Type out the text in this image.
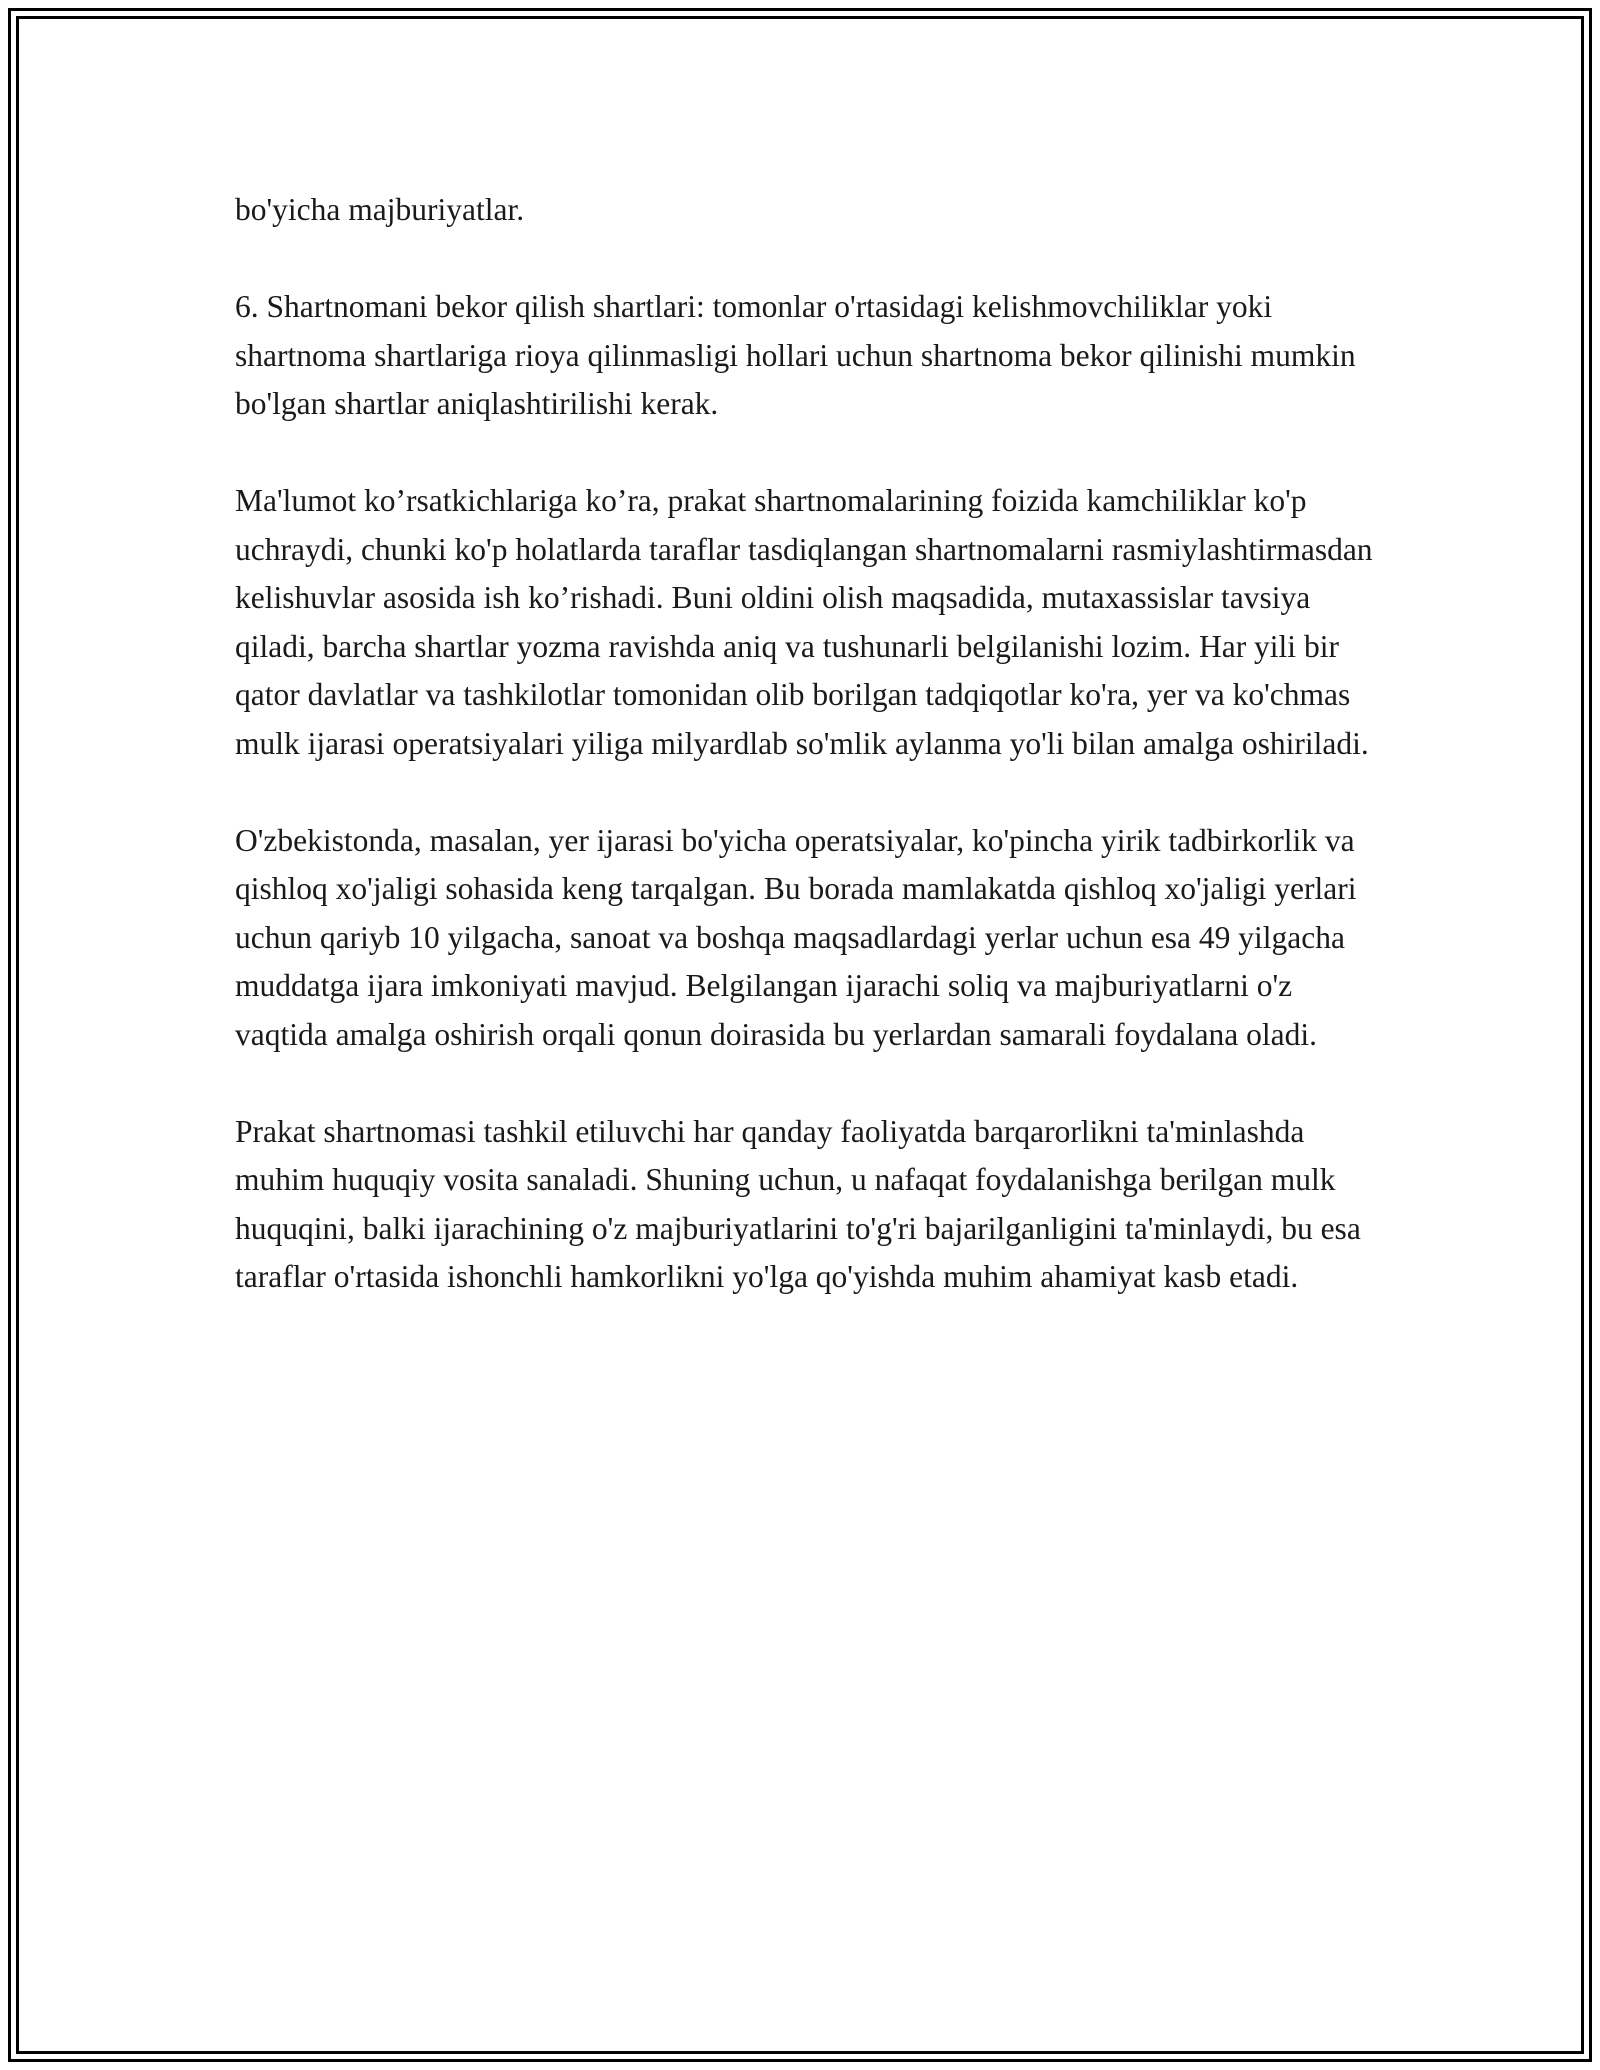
bo'yicha majburiyatlar.

6. Shartnomani bekor qilish shartlari: tomonlar o'rtasidagi kelishmovchiliklar yoki shartnoma shartlariga rioya qilinmasligi hollari uchun shartnoma bekor qilinishi mumkin bo'lgan shartlar aniqlashtirilishi kerak.

Ma'lumot ko’rsatkichlariga ko’ra, prakat shartnomalarining foizida kamchiliklar ko'p uchraydi, chunki ko'p holatlarda taraflar tasdiqlangan shartnomalarni rasmiylashtirmasdan kelishuvlar asosida ish ko’rishadi. Buni oldini olish maqsadida, mutaxassislar tavsiya qiladi, barcha shartlar yozma ravishda aniq va tushunarli belgilanishi lozim. Har yili bir qator davlatlar va tashkilotlar tomonidan olib borilgan tadqiqotlar ko'ra, yer va ko'chmas mulk ijarasi operatsiyalari yiliga milyardlab so'mlik aylanma yo'li bilan amalga oshiriladi.

O'zbekistonda, masalan, yer ijarasi bo'yicha operatsiyalar, ko'pincha yirik tadbirkorlik va qishloq xo'jaligi sohasida keng tarqalgan. Bu borada mamlakatda qishloq xo'jaligi yerlari uchun qariyb 10 yilgacha, sanoat va boshqa maqsadlardagi yerlar uchun esa 49 yilgacha muddatga ijara imkoniyati mavjud. Belgilangan ijarachi soliq va majburiyatlarni o'z vaqtida amalga oshirish orqali qonun doirasida bu yerlardan samarali foydalana oladi.

Prakat shartnomasi tashkil etiluvchi har qanday faoliyatda barqarorlikni ta'minlashda muhim huquqiy vosita sanaladi. Shuning uchun, u nafaqat foydalanishga berilgan mulk huquqini, balki ijarachining o'z majburiyatlarini to'g'ri bajarilganligini ta'minlaydi, bu esa taraflar o'rtasida ishonchli hamkorlikni yo'lga qo'yishda muhim ahamiyat kasb etadi.
